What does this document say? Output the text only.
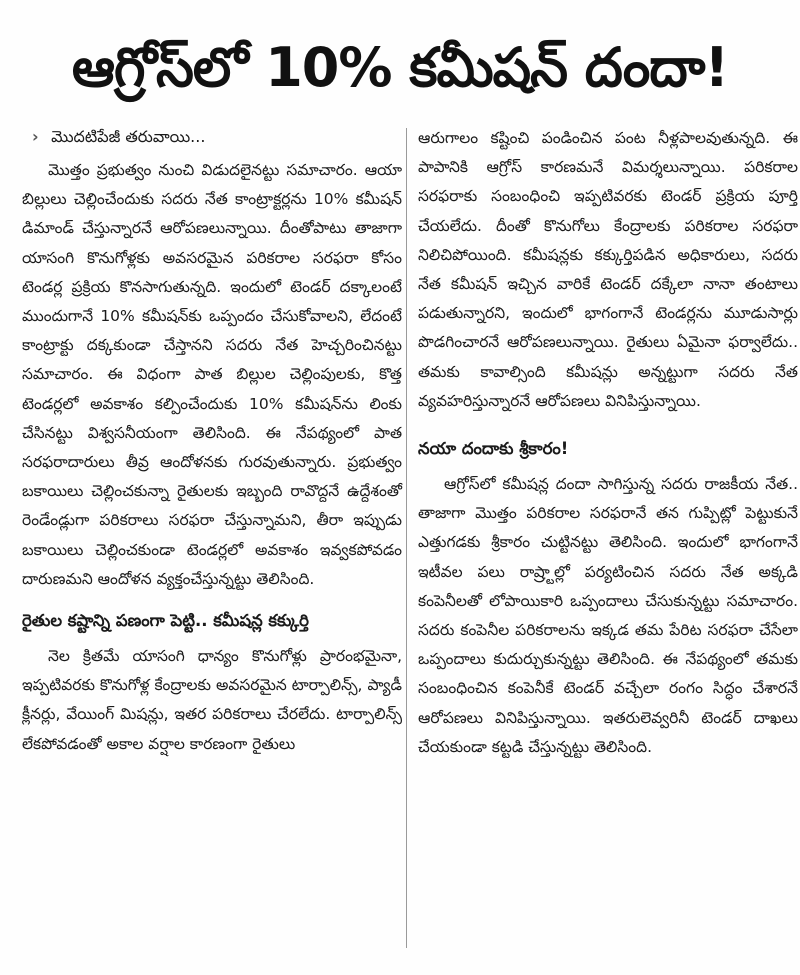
ఆగ్రోస్‌లో 10% కమీషన్‌ దందా!
› మొదటిపేజీ తరువాయి...

మొత్తం ప్రభుత్వం నుంచి విడుదలైనట్టు సమాచారం. ఆయా బిల్లులు చెల్లించేందుకు సదరు నేత కాంట్రాక్టర్లను 10% కమీషన్‌ డిమాండ్‌ చేస్తున్నారనే ఆరోపణలున్నాయి. దీంతోపాటు తాజాగా యాసంగి కొనుగోళ్లకు అవసరమైన పరికరాల సరఫరా కోసం టెండర్ల ప్రక్రియ కొనసాగుతున్నది. ఇందులో టెండర్‌ దక్కాలంటే ముందుగానే 10% కమీషన్‌కు ఒప్పందం చేసుకోవాలని, లేదంటే కాంట్రాక్టు దక్కకుండా చేస్తానని సదరు నేత హెచ్చరించినట్టు సమాచారం. ఈ విధంగా పాత బిల్లుల చెల్లింపులకు, కొత్త టెండర్లలో అవకాశం కల్పించేందుకు 10% కమీషన్‌ను లింకు చేసినట్టు విశ్వసనీయంగా తెలిసింది. ఈ నేపథ్యంలో పాత సరఫరాదారులు తీవ్ర ఆందోళనకు గురవుతున్నారు. ప్రభుత్వం బకాయిలు చెల్లించకున్నా రైతులకు ఇబ్బంది రావొద్దనే ఉద్దేశంతో రెండేండ్లుగా పరికరాలు సరఫరా చేస్తున్నామని, తీరా ఇప్పుడు బకాయిలు చెల్లించకుండా టెండర్లలో అవకాశం ఇవ్వకపోవడం దారుణమని ఆందోళన వ్యక్తంచేస్తున్నట్టు తెలిసింది.

రైతుల కష్టాన్ని పణంగా పెట్టి.. కమీషన్ల కక్కుర్తి

నెల క్రితమే యాసంగి ధాన్యం కొనుగోళ్లు ప్రారంభమైనా, ఇప్పటివరకు కొనుగోళ్ల కేంద్రాలకు అవసరమైన టార్పాలిన్స్‌, ప్యాడీ క్లీనర్లు, వేయింగ్‌ మిషన్లు, ఇతర పరికరాలు చేరలేదు. టార్పాలిన్స్‌ లేకపోవడంతో అకాల వర్షాల కారణంగా రైతులు

ఆరుగాలం కష్టించి పండించిన పంట నీళ్లపాలవుతున్నది. ఈ పాపానికి ఆగ్రోస్‌ కారణమనే విమర్శలున్నాయి. పరికరాల సరఫరాకు సంబంధించి ఇప్పటివరకు టెండర్‌ ప్రక్రియ పూర్తి చేయలేదు. దీంతో కొనుగోలు కేంద్రాలకు పరికరాల సరఫరా నిలిచిపోయింది. కమీషన్లకు కక్కుర్తిపడిన అధికారులు, సదరు నేత కమీషన్‌ ఇచ్చిన వారికే టెండర్‌ దక్కేలా నానా తంటాలు పడుతున్నారని, ఇందులో భాగంగానే టెండర్లను మూడుసార్లు పొడగించారనే ఆరోపణలున్నాయి. రైతులు ఏమైనా ఫర్వాలేదు.. తమకు కావాల్సింది కమీషన్లు అన్నట్టుగా సదరు నేత వ్యవహరిస్తున్నారనే ఆరోపణలు వినిపిస్తున్నాయి.

నయా దందాకు శ్రీకారం!

ఆగ్రోస్‌లో కమీషన్ల దందా సాగిస్తున్న సదరు రాజకీయ నేత.. తాజాగా మొత్తం పరికరాల సరఫరానే తన గుప్పిట్లో పెట్టుకునే ఎత్తుగడకు శ్రీకారం చుట్టినట్టు తెలిసింది. ఇందులో భాగంగానే ఇటీవల పలు రాష్ర్టాల్లో పర్యటించిన సదరు నేత అక్కడి కంపెనీలతో లోపాయికారి ఒప్పందాలు చేసుకున్నట్టు సమాచారం. సదరు కంపెనీల పరికరాలను ఇక్కడ తమ పేరిట సరఫరా చేసేలా ఒప్పందాలు కుదుర్చుకున్నట్టు తెలిసింది. ఈ నేపథ్యంలో తమకు సంబంధించిన కంపెనీకే టెండర్‌ వచ్చేలా రంగం సిద్ధం చేశారనే ఆరోపణలు వినిపిస్తున్నాయి. ఇతరులెవ్వరినీ టెండర్‌ దాఖలు చేయకుండా కట్టడి చేస్తున్నట్టు తెలిసింది.
